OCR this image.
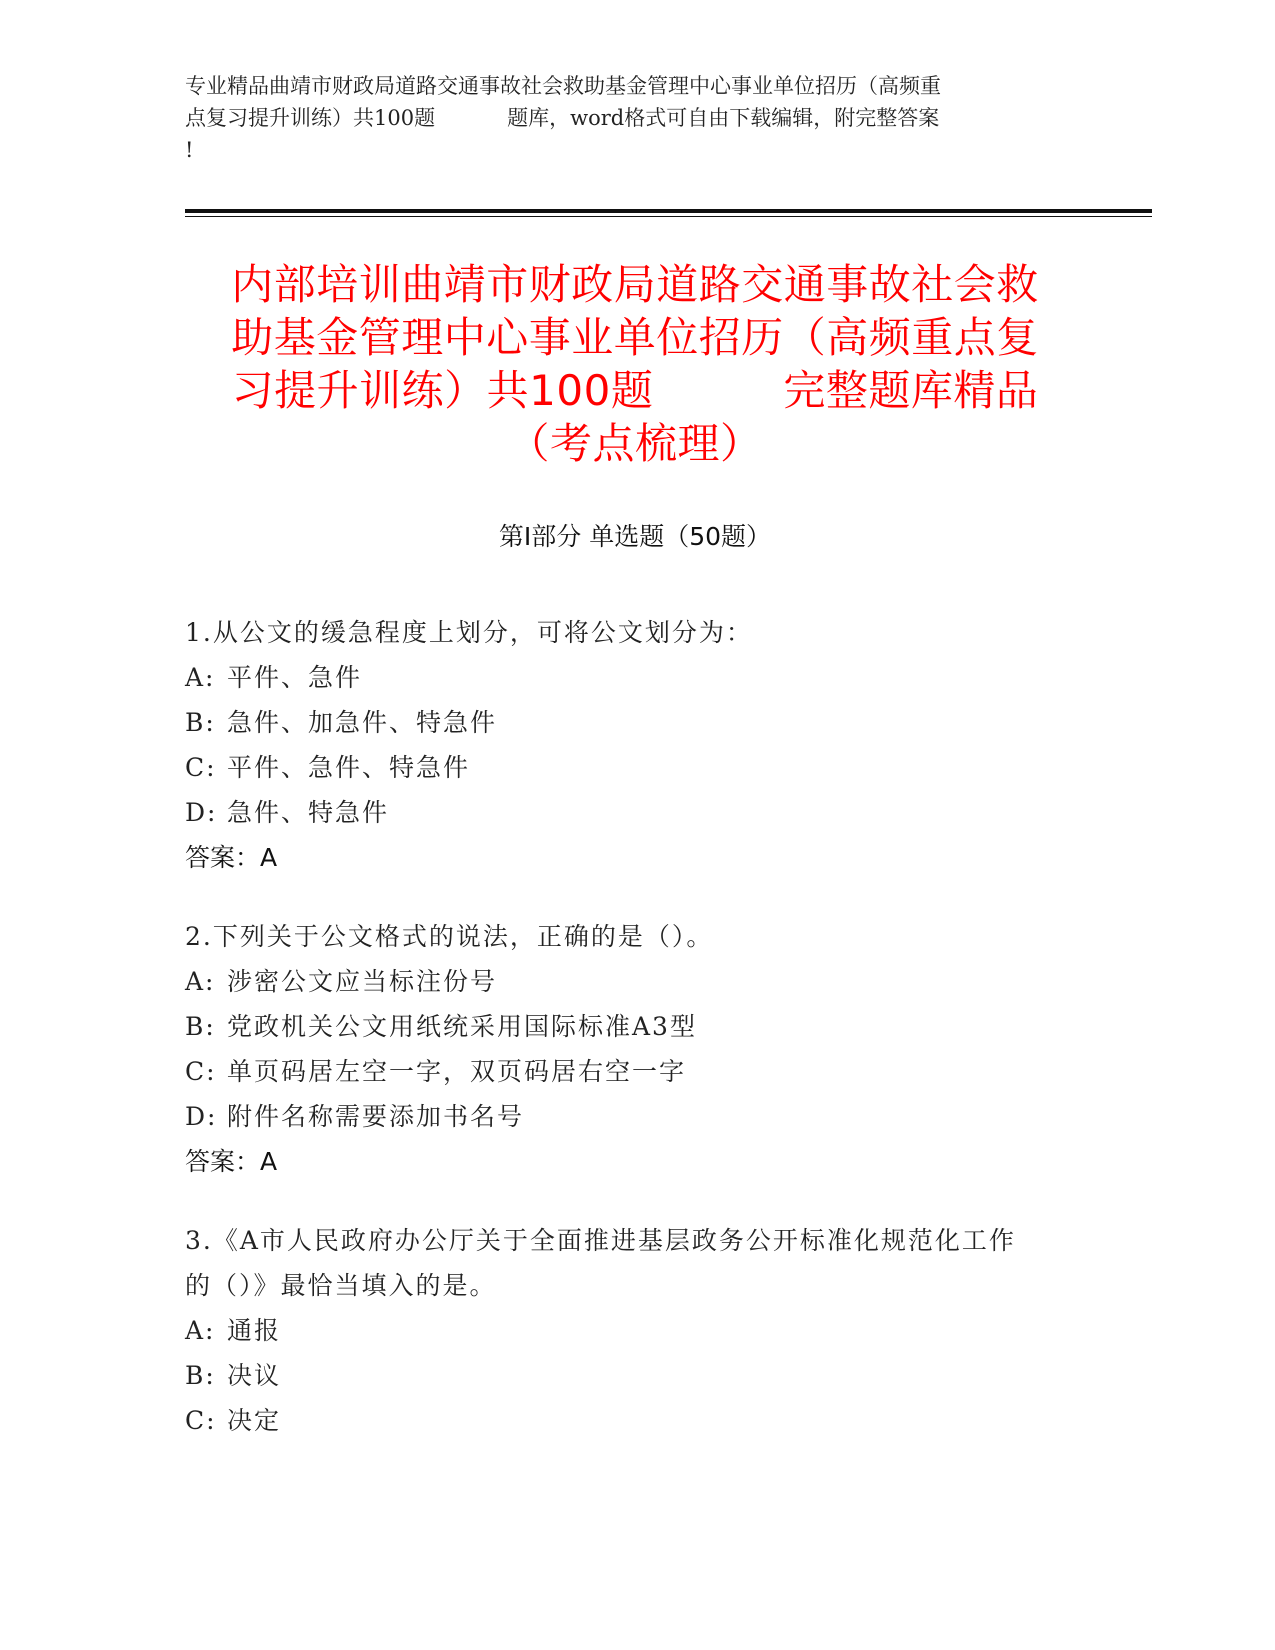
专业精品曲靖市财政局道路交通事故社会救助基金管理中心事业单位招历（高频重
点复习提升训练）共100题	题库，word格式可自由下载编辑，附完整答案
!
内部培训曲靖市财政局道路交通事故社会救
助基金管理中心事业单位招历（高频重点复
习提升训练）共100题	完整题库精品
（考点梳理）
第Ⅰ部分 单选题（50题）
1.从公文的缓急程度上划分，可将公文划分为：
A: 平件、急件
B: 急件、加急件、特急件
C: 平件、急件、特急件
D: 急件、特急件
答案：A
2.下列关于公文格式的说法，正确的是（）。
A: 涉密公文应当标注份号
B: 党政机关公文用纸统采用国际标准A3型
C: 单页码居左空一字，双页码居右空一字
D: 附件名称需要添加书名号
答案：A
3.《A市人民政府办公厅关于全面推进基层政务公开标准化规范化工作
的（）》最恰当填入的是。
A: 通报
B: 决议
C: 决定
